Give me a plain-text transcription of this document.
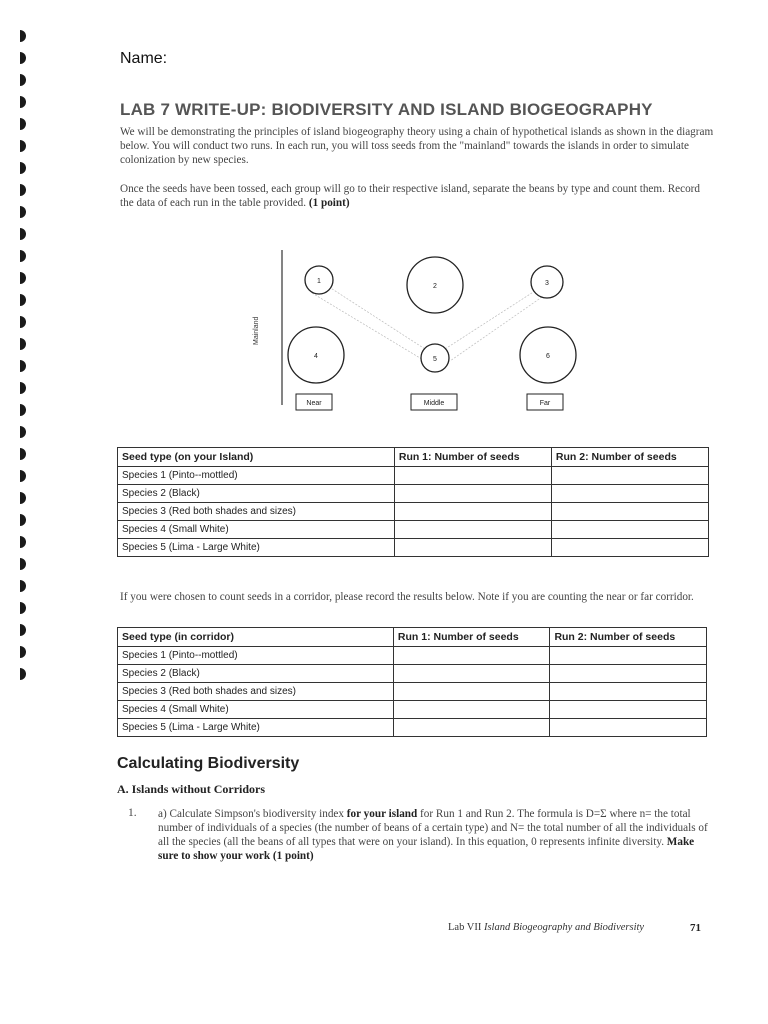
Name:
LAB 7 WRITE-UP: BIODIVERSITY AND ISLAND BIOGEOGRAPHY

We will be demonstrating the principles of island biogeography theory using a chain of hypothetical islands as shown in the diagram below. You will conduct two runs. In each run, you will toss seeds from the "mainland" towards the islands in order to simulate colonization by new species.

Once the seeds have been tossed, each group will go to their respective island, separate the beans by type and count them. Record the data of each run in the table provided. (1 point)

Mainland
1
2	3
4	5	6
Near	Middle	Far
Seed type (on your Island)	Run 1: Number of seeds	Run 2: Number of seeds
Species 1 (Pinto--mottled)		
Species 2 (Black)		
Species 3 (Red both shades and sizes)		
Species 4 (Small White)		
Species 5 (Lima - Large White)		

If you were chosen to count seeds in a corridor, please record the results below. Note if you are counting the near or far corridor.

Seed type (in corridor)	Run 1: Number of seeds	Run 2: Number of seeds
Species 1 (Pinto--mottled)		
Species 2 (Black)		
Species 3 (Red both shades and sizes)		
Species 4 (Small White)		
Species 5 (Lima - Large White)		
Calculating Biodiversity
A. Islands without Corridors
1. a) Calculate Simpson's biodiversity index for your island for Run 1 and Run 2. The formula is D=Σ where n= the total number of individuals of a species (the number of beans of a certain type) and N= the total number of all the individuals of all the species (all the beans of all types that were on your island). In this equation, 0 represents infinite diversity. Make sure to show your work (1 point)

Lab VII Island Biogeography and Biodiversity	71
